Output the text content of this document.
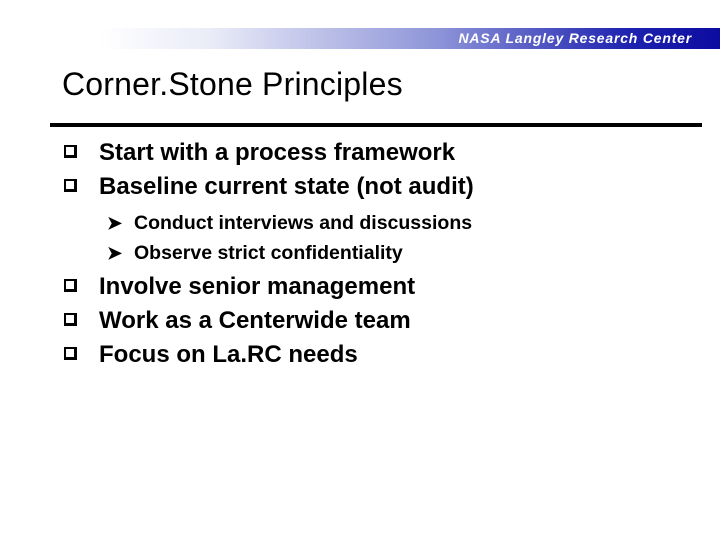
NASA Langley Research Center
Corner.Stone Principles
Start with a process framework
Baseline current state (not audit)
➤ Conduct interviews and discussions
➤ Observe strict confidentiality
Involve senior management
Work as a Centerwide team
Focus on La.RC needs
